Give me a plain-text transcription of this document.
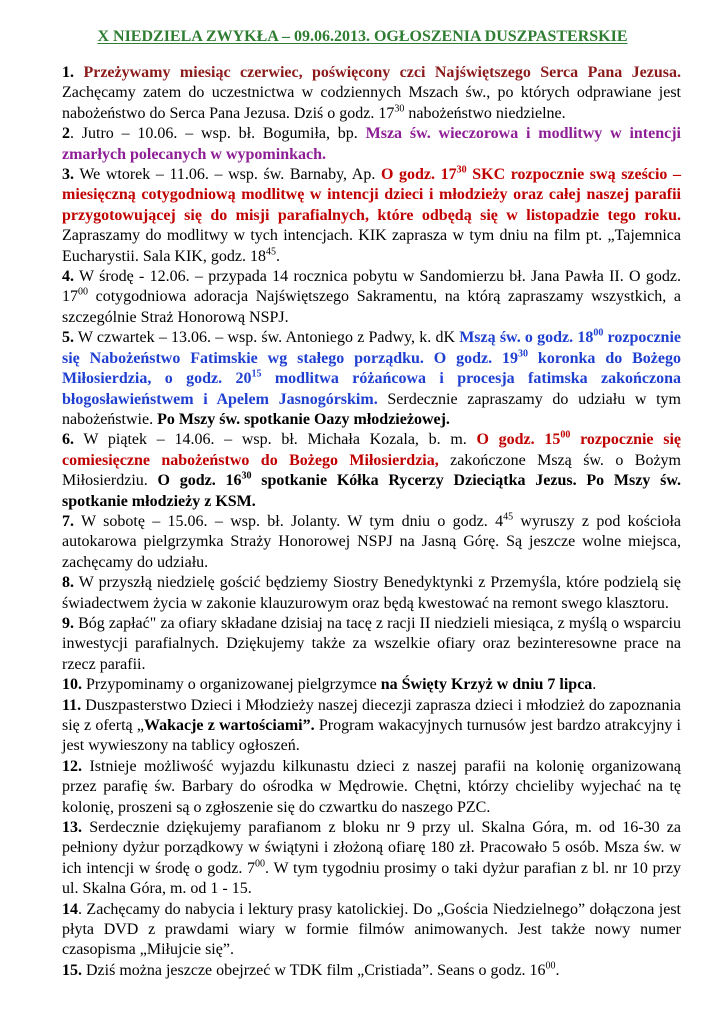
X NIEDZIELA ZWYKŁA – 09.06.2013. OGŁOSZENIA DUSZPASTERSKIE

1. Przeżywamy miesiąc czerwiec, poświęcony czci Najświętszego Serca Pana Jezusa. Zachęcamy zatem do uczestnictwa w codziennych Mszach św., po których odprawiane jest nabożeństwo do Serca Pana Jezusa. Dziś o godz. $17^{30}$ nabożeństwo niedzielne.

2. Jutro – 10.06. – wsp. bł. Bogumiła, bp. Msza św. wieczorowa i modlitwy w intencji zmarłych polecanych w wypominkach.

3. We wtorek – 11.06. – wsp. św. Barnaby, Ap. O godz. $17^{30}$ SKC rozpocznie swą sześcio – miesięczną cotygodniową modlitwę w intencji dzieci i młodzieży oraz całej naszej parafii przygotowującej się do misji parafialnych, które odbędą się w listopadzie tego roku. Zapraszamy do modlitwy w tych intencjach. KIK zaprasza w tym dniu na film pt. „Tajemnica Eucharystii. Sala KIK, godz. $18^{45}$.

4. W środę - 12.06. – przypada 14 rocznica pobytu w Sandomierzu bł. Jana Pawła II. O godz. $17^{00}$ cotygodniowa adoracja Najświętszego Sakramentu, na którą zapraszamy wszystkich, a szczególnie Straż Honorową NSPJ.

5. W czwartek – 13.06. – wsp. św. Antoniego z Padwy, k. dK Mszą św. o godz. $18^{00}$ rozpocznie się Nabożeństwo Fatimskie wg stałego porządku. O godz. $19^{30}$ koronka do Bożego Miłosierdzia, o godz. $20^{15}$ modlitwa różańcowa i procesja fatimska zakończona błogosławieństwem i Apelem Jasnogórskim. Serdecznie zapraszamy do udziału w tym nabożeństwie. Po Mszy św. spotkanie Oazy młodzieżowej.

6. W piątek – 14.06. – wsp. bł. Michała Kozala, b. m. O godz. $15^{00}$ rozpocznie się comiesięczne nabożeństwo do Bożego Miłosierdzia, zakończone Mszą św. o Bożym Miłosierdziu. O godz. $16^{30}$ spotkanie Kółka Rycerzy Dzieciątka Jezus. Po Mszy św. spotkanie młodzieży z KSM.

7. W sobotę – 15.06. – wsp. bł. Jolanty. W tym dniu o godz. $4^{45}$ wyruszy z pod kościoła autokarowa pielgrzymka Straży Honorowej NSPJ na Jasną Górę. Są jeszcze wolne miejsca, zachęcamy do udziału.

8. W przyszłą niedzielę gościć będziemy Siostry Benedyktynki z Przemyśla, które podzielą się świadectwem życia w zakonie klauzurowym oraz będą kwestować na remont swego klasztoru.

9. Bóg zapłać" za ofiary składane dzisiaj na tacę z racji II niedzieli miesiąca, z myślą o wsparciu inwestycji parafialnych. Dziękujemy także za wszelkie ofiary oraz bezinteresowne prace na rzecz parafii.

10. Przypominamy o organizowanej pielgrzymce na Święty Krzyż w dniu 7 lipca.

11. Duszpasterstwo Dzieci i Młodzieży naszej diecezji zaprasza dzieci i młodzież do zapoznania się z ofertą „Wakacje z wartościami”. Program wakacyjnych turnusów jest bardzo atrakcyjny i jest wywieszony na tablicy ogłoszeń.

12. Istnieje możliwość wyjazdu kilkunastu dzieci z naszej parafii na kolonię organizowaną przez parafię św. Barbary do ośrodka w Mędrowie. Chętni, którzy chcieliby wyjechać na tę kolonię, proszeni są o zgłoszenie się do czwartku do naszego PZC.

13. Serdecznie dziękujemy parafianom z bloku nr 9 przy ul. Skalna Góra, m. od 16-30 za pełniony dyżur porządkowy w świątyni i złożoną ofiarę 180 zł. Pracowało 5 osób. Msza św. w ich intencji w środę o godz. $7^{00}$. W tym tygodniu prosimy o taki dyżur parafian z bl. nr 10 przy ul. Skalna Góra, m. od 1 - 15.

14. Zachęcamy do nabycia i lektury prasy katolickiej. Do „Gościa Niedzielnego” dołączona jest płyta DVD z prawdami wiary w formie filmów animowanych. Jest także nowy numer czasopisma „Miłujcie się”.

15. Dziś można jeszcze obejrzeć w TDK film „Cristiada”. Seans o godz. $16^{00}$.
